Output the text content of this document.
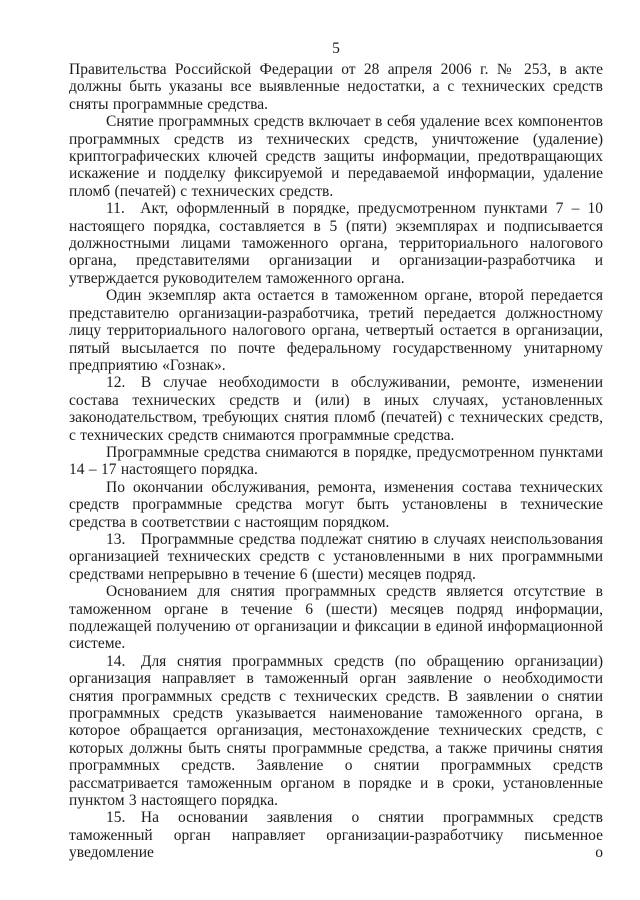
5

Правительства Российской Федерации от 28 апреля 2006 г. № 253, в акте должны быть указаны все выявленные недостатки, а с технических средств сняты программные средства.

Снятие программных средств включает в себя удаление всех компонентов программных средств из технических средств, уничтожение (удаление) криптографических ключей средств защиты информации, предотвращающих искажение и подделку фиксируемой и передаваемой информации, удаление пломб (печатей) с технических средств.

11. Акт, оформленный в порядке, предусмотренном пунктами 7 – 10 настоящего порядка, составляется в 5 (пяти) экземплярах и подписывается должностными лицами таможенного органа, территориального налогового органа, представителями организации и организации-разработчика и утверждается руководителем таможенного органа.

Один экземпляр акта остается в таможенном органе, второй передается представителю организации-разработчика, третий передается должностному лицу территориального налогового органа, четвертый остается в организации, пятый высылается по почте федеральному государственному унитарному предприятию «Гознак».

12. В случае необходимости в обслуживании, ремонте, изменении состава технических средств и (или) в иных случаях, установленных законодательством, требующих снятия пломб (печатей) с технических средств, с технических средств снимаются программные средства.

Программные средства снимаются в порядке, предусмотренном пунктами 14 – 17 настоящего порядка.

По окончании обслуживания, ремонта, изменения состава технических средств программные средства могут быть установлены в технические средства в соответствии с настоящим порядком.

13. Программные средства подлежат снятию в случаях неиспользования организацией технических средств с установленными в них программными средствами непрерывно в течение 6 (шести) месяцев подряд.

Основанием для снятия программных средств является отсутствие в таможенном органе в течение 6 (шести) месяцев подряд информации, подлежащей получению от организации и фиксации в единой информационной системе.

14. Для снятия программных средств (по обращению организации) организация направляет в таможенный орган заявление о необходимости снятия программных средств с технических средств. В заявлении о снятии программных средств указывается наименование таможенного органа, в которое обращается организация, местонахождение технических средств, с которых должны быть сняты программные средства, а также причины снятия программных средств. Заявление о снятии программных средств рассматривается таможенным органом в порядке и в сроки, установленные пунктом 3 настоящего порядка.

15. На основании заявления о снятии программных средств таможенный орган направляет организации-разработчику письменное уведомление о
